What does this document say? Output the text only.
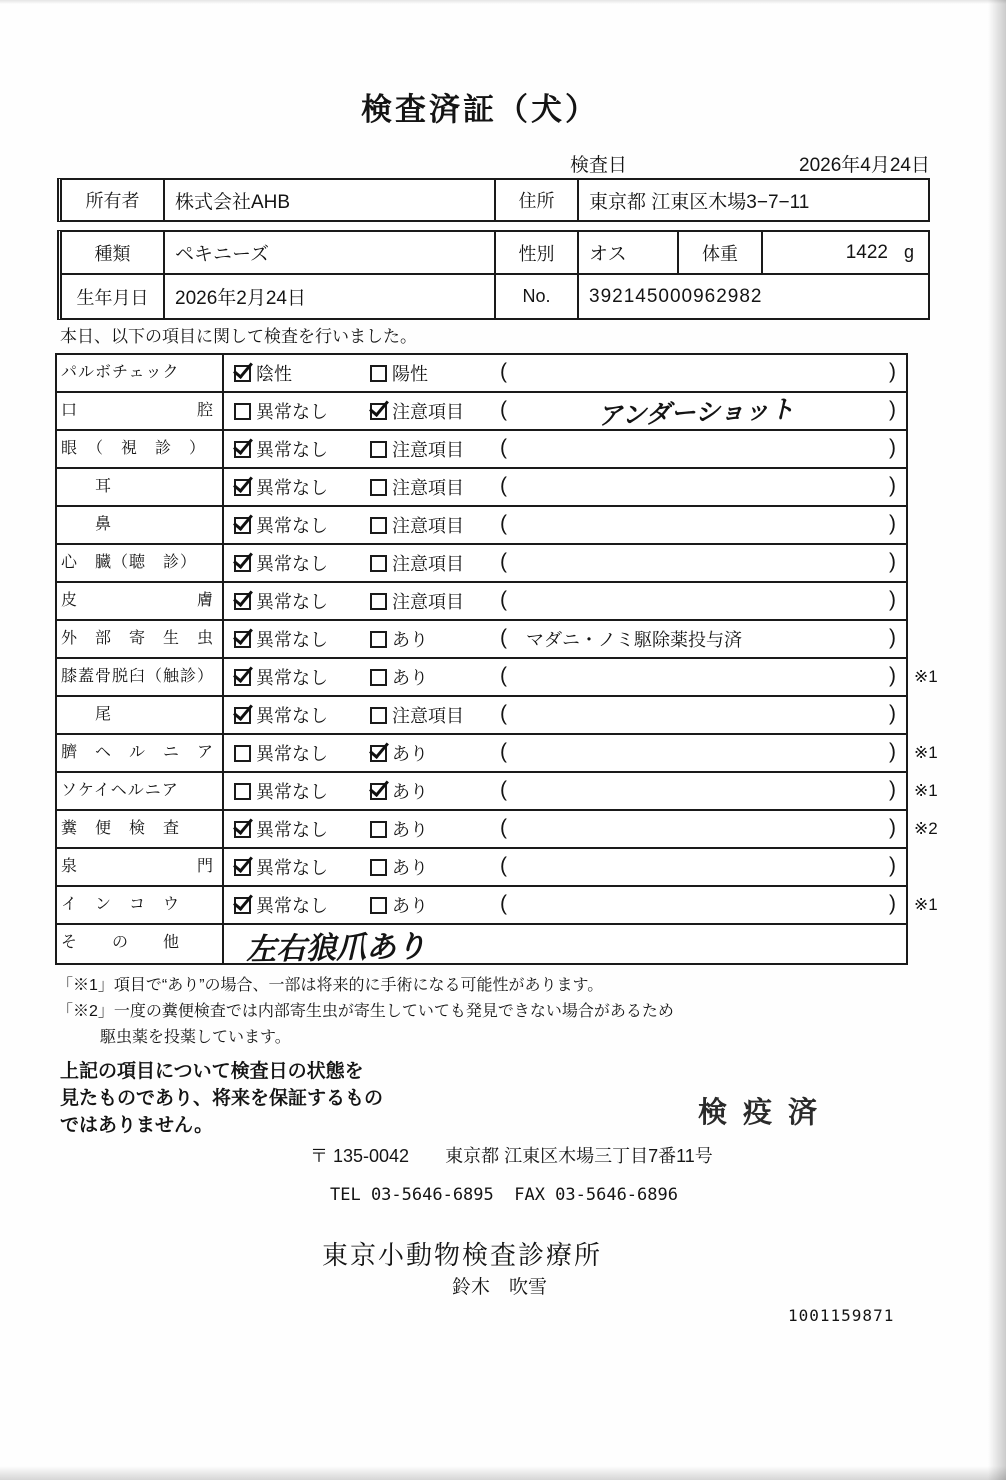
検査済証（犬）
検査日	2026年4月24日
所有者	株式会社AHB	住所	東京都 江東区木場3−7−11
種類	ペキニーズ	性別	オス	体重	1422 g
生年月日	2026年2月24日	No.	392145000962982
本日、以下の項目に関して検査を行いました。
パルボチェック	陰性	陽性	(	)
口　　　　　　　腔	異常なし	注意項目 (	アンダーショット	)
眼　（　視　診　）	異常なし	注意項目 (	)
　　耳	異常なし	注意項目 (	)
　　鼻	異常なし	注意項目 (	)
心　臓（聴　診）	異常なし	注意項目 (	)
皮　　　　　　　膚	異常なし	注意項目 (	)
外　部　寄　生　虫	異常なし	あり	(	マダニ・ノミ駆除薬投与済	)
膝蓋骨脱臼（触診）	異常なし	あり	(	) ※1
　　尾	異常なし	注意項目 (	)
臍　ヘ　ル　ニ　ア	異常なし	あり	(	) ※1
ソケイヘルニア	異常なし	あり	(	) ※1
糞　便　検　査	異常なし	あり	(	) ※2
泉　　　　　　　門	異常なし	あり	(	)
イ　ン　コ　ウ	異常なし	あり	(	) ※1
そ　　の　　他	左右狼爪あり
「※1」項目で“あり”の場合、一部は将来的に手術になる可能性があります。
「※2」一度の糞便検査では内部寄生虫が寄生していても発見できない場合があるため
駆虫薬を投薬しています。
上記の項目について検査日の状態を
見たものであり、将来を保証するもの
ではありません。	検疫済
〒 135-0042　　東京都 江東区木場三丁目7番11号
TEL 03-5646-6895  FAX 03-5646-6896
東京小動物検査診療所
鈴木　吹雪
1001159871
